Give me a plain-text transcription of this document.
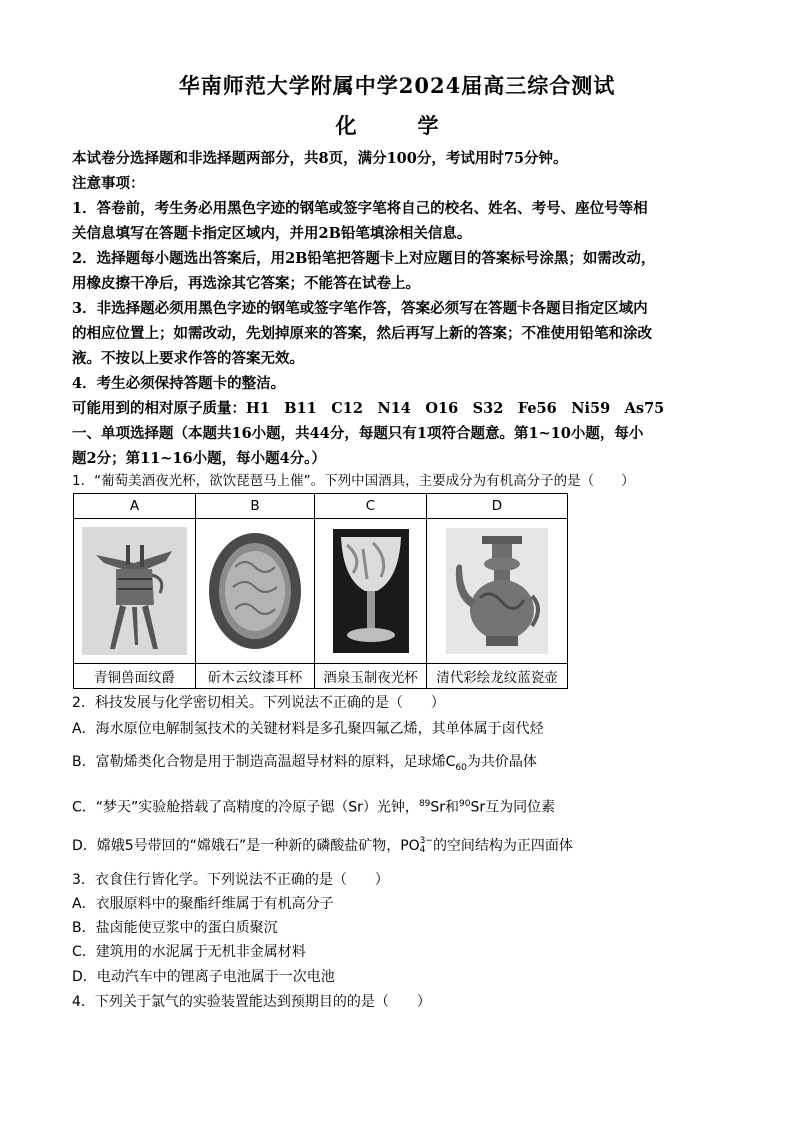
华南师范大学附属中学2024届高三综合测试
化　学
本试卷分选择题和非选择题两部分，共8页，满分100分，考试用时75分钟。
注意事项：
1．答卷前，考生务必用黑色字迹的钢笔或签字笔将自己的校名、姓名、考号、座位号等相
关信息填写在答题卡指定区域内，并用2B铅笔填涂相关信息。
2．选择题每小题选出答案后，用2B铅笔把答题卡上对应题目的答案标号涂黑；如需改动，
用橡皮擦干净后，再选涂其它答案；不能答在试卷上。
3．非选择题必须用黑色字迹的钢笔或签字笔作答，答案必须写在答题卡各题目指定区域内
的相应位置上；如需改动，先划掉原来的答案，然后再写上新的答案；不准使用铅笔和涂改
液。不按以上要求作答的答案无效。
4．考生必须保持答题卡的整洁。
可能用到的相对原子质量：H1　B11　C12　N14　O16　S32　Fe56　Ni59　As75
一、单项选择题（本题共16小题，共44分，每题只有1项符合题意。第1~10小题，每小
题2分；第11~16小题，每小题4分。）
1．“葡萄美酒夜光杯，欲饮琵琶马上催”。下列中国酒具，主要成分为有机高分子的是（　　）
A	B	C	D

青铜兽面纹爵	斫木云纹漆耳杯	酒泉玉制夜光杯	清代彩绘龙纹蓝瓷壶
2．科技发展与化学密切相关。下列说法不正确的是（　　）
A．海水原位电解制氢技术的关键材料是多孔聚四氟乙烯，其单体属于卤代烃
B．富勒烯类化合物是用于制造高温超导材料的原料，足球烯$C_{60}$为共价晶体
C．“梦天”实验舱搭载了高精度的冷原子锶（Sr）光钟，$^{89}$Sr和$^{90}$Sr互为同位素
D．嫦娥5号带回的“嫦娥石”是一种新的磷酸盐矿物，PO 3−
4 的空间结构为正四面体
3．衣食住行皆化学。下列说法不正确的是（　　）
A．衣服原料中的聚酯纤维属于有机高分子
B．盐卤能使豆浆中的蛋白质聚沉
C．建筑用的水泥属于无机非金属材料
D．电动汽车中的锂离子电池属于一次电池
4．下列关于氯气的实验装置能达到预期目的的是（　　）
